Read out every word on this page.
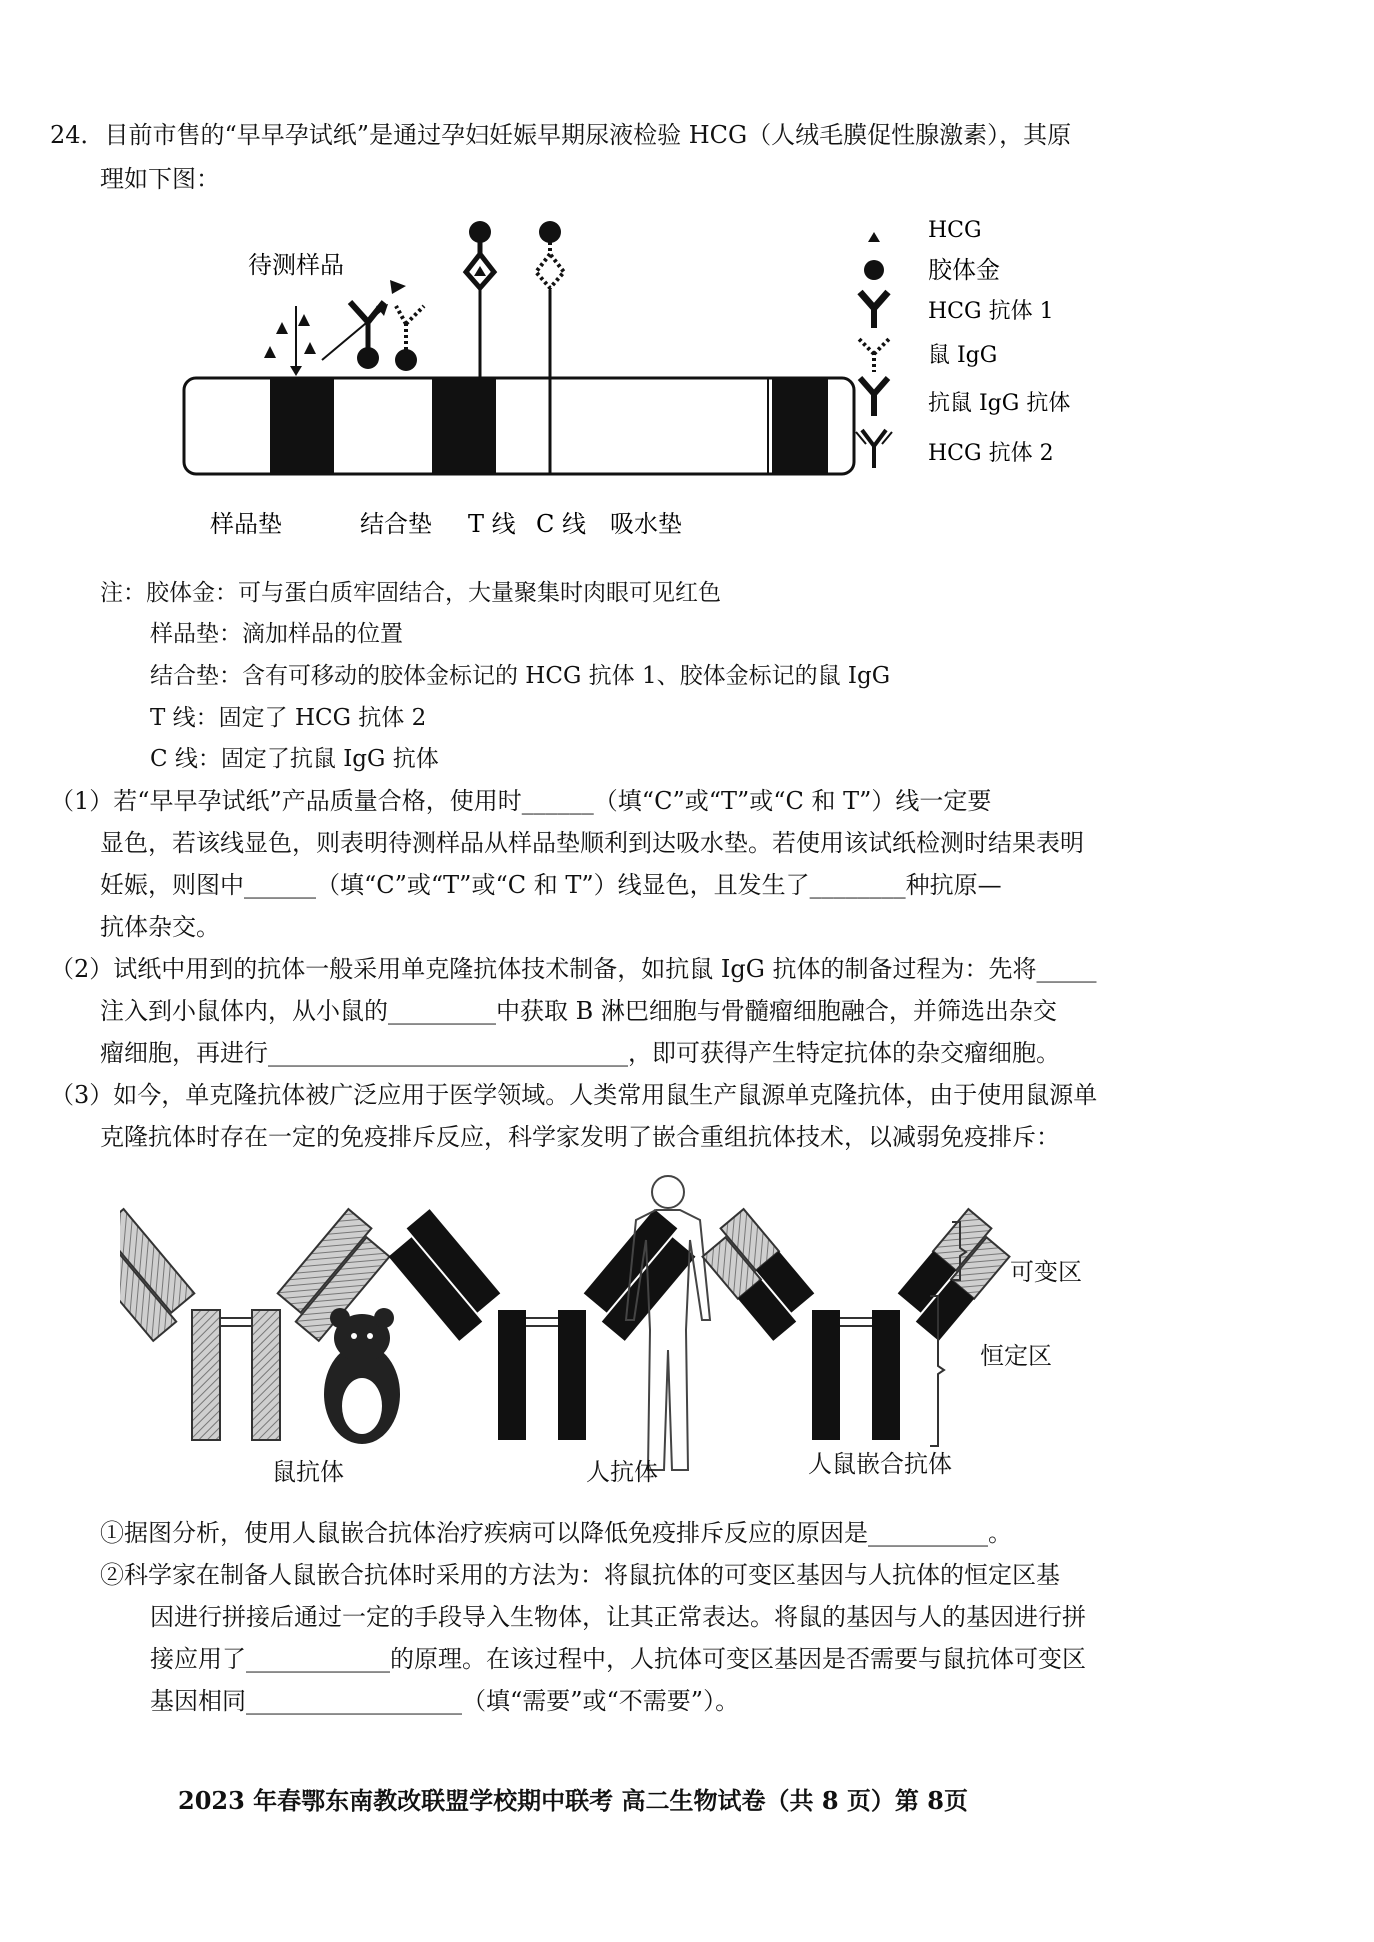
24．目前市售的“早早孕试纸”是通过孕妇妊娠早期尿液检验 HCG（人绒毛膜促性腺激素），其原
理如下图：
待测样品
样品垫	结合垫 T 线 C 线 吸水垫
HCG
胶体金
HCG 抗体 1
鼠 IgG
抗鼠 IgG 抗体
HCG 抗体 2
注：胶体金：可与蛋白质牢固结合，大量聚集时肉眼可见红色
样品垫：滴加样品的位置
结合垫：含有可移动的胶体金标记的 HCG 抗体 1、胶体金标记的鼠 IgG
T 线：固定了 HCG 抗体 2
C 线：固定了抗鼠 IgG 抗体
（1）若“早早孕试纸”产品质量合格，使用时______（填“C”或“T”或“C 和 T”）线一定要
显色，若该线显色，则表明待测样品从样品垫顺利到达吸水垫。若使用该试纸检测时结果表明
妊娠，则图中______（填“C”或“T”或“C 和 T”）线显色，且发生了________种抗原—
抗体杂交。
（2）试纸中用到的抗体一般采用单克隆抗体技术制备，如抗鼠 IgG 抗体的制备过程为：先将_____
注入到小鼠体内，从小鼠的_________中获取 B 淋巴细胞与骨髓瘤细胞融合，并筛选出杂交
瘤细胞，再进行______________________________，即可获得产生特定抗体的杂交瘤细胞。
（3）如今，单克隆抗体被广泛应用于医学领域。人类常用鼠生产鼠源单克隆抗体，由于使用鼠源单
克隆抗体时存在一定的免疫排斥反应，科学家发明了嵌合重组抗体技术，以减弱免疫排斥：
可变区
恒定区
鼠抗体	人抗体	人鼠嵌合抗体
①据图分析，使用人鼠嵌合抗体治疗疾病可以降低免疫排斥反应的原因是__________。
②科学家在制备人鼠嵌合抗体时采用的方法为：将鼠抗体的可变区基因与人抗体的恒定区基
因进行拼接后通过一定的手段导入生物体，让其正常表达。将鼠的基因与人的基因进行拼
接应用了____________的原理。在该过程中，人抗体可变区基因是否需要与鼠抗体可变区
基因相同__________________（填“需要”或“不需要”）。
2023 年春鄂东南教改联盟学校期中联考 高二生物试卷（共 8 页）第 8页
